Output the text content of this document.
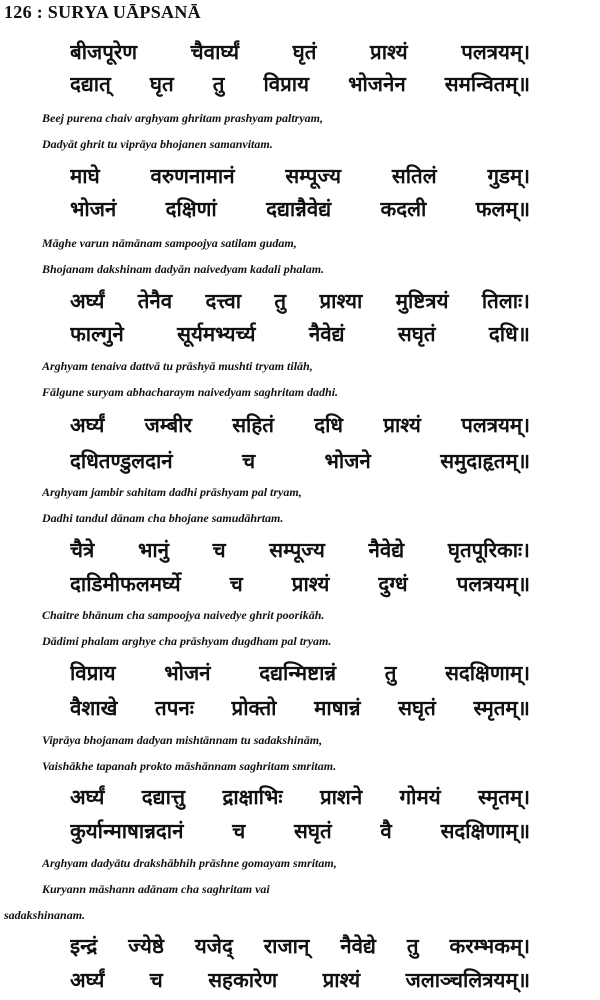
126 : SURYA UĀPSANĀ
बीजपूरेण	चैवार्घ्यं	घृतं	प्राश्यं	पलत्रयम्।
दद्यात् घृत तु विप्राय भोजनेन समन्वितम्॥
Beej purena chaiv arghyam ghritam prashyam paltryam,
Dadyāt ghrit tu viprāya bhojanen samanvitam.
माघे वरुणनामानं सम्पूज्य सतिलं गुडम्।
भोजनं दक्षिणां दद्यान्नैवेद्यं कदली फलम्॥
Māghe varun nāmānam sampoojya satilam gudam,
Bhojanam dakshinam dadyān naivedyam kadali phalam.
अर्घ्यं तेनैव दत्त्वा तु प्राश्या मुष्टित्रयं तिलाः।
फाल्गुने	सूर्यमभ्यर्च्य	नैवेद्यं	सघृतं	दधि॥
Arghyam tenaiva dattvā tu prāshyā mushti tryam tilāh,
Fālgune suryam abhacharaym naivedyam saghritam dadhi.
अर्घ्यं जम्बीर सहितं दधि प्राश्यं पलत्रयम्।
दधितण्डुलदानं	च	भोजने	समुदाहृतम्॥
Arghyam jambir sahitam dadhi prāshyam pal tryam,
Dadhi tandul dānam cha bhojane samudāhrtam.
चैत्रे भानुं च सम्पूज्य नैवेद्ये घृतपूरिकाः।
दाडिमीफलमर्घ्ये च प्राश्यं दुग्धं पलत्रयम्॥
Chaitre bhānum cha sampoojya naivedye ghrit poorikāh.
Dādimi phalam arghye cha prāshyam dugdham pal tryam.
विप्राय भोजनं दद्यन्मिष्टान्नं तु सदक्षिणाम्।
वैशाखे तपनः प्रोक्तो माषान्नं सघृतं स्मृतम्॥
Viprāya bhojanam dadyan mishtānnam tu sadakshinām,
Vaishākhe tapanah prokto māshānnam saghritam smritam.
अर्घ्यं दद्यात्तु द्राक्षाभिः प्राशने गोमयं स्मृतम्।
कुर्यान्माषान्नदानं च सघृतं वै सदक्षिणाम्॥
Arghyam dadyātu drakshābhih prāshne gomayam smritam,
Kuryann māshann adānam cha saghritam vai
sadakshinanam.
इन्द्रं ज्येष्ठे यजेद् राजान् नैवेद्ये तु करम्भकम्।
अर्घ्यं च सहकारेण प्राश्यं जलाञ्चलित्रयम्॥
